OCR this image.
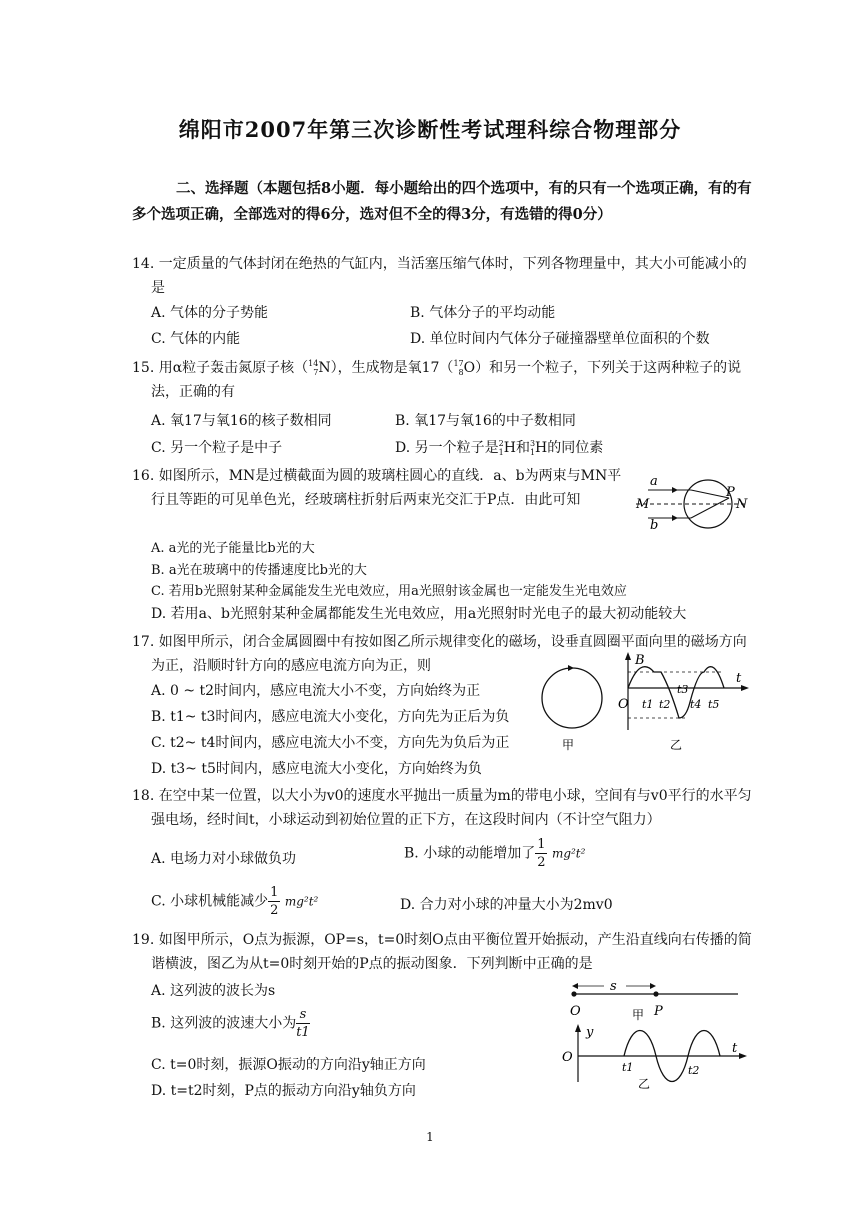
绵阳市2007年第三次诊断性考试理科综合物理部分
二、选择题（本题包括8小题．每小题给出的四个选项中，有的只有一个选项正确，有的有多个选项正确，全部选对的得6分，选对但不全的得3分，有选错的得0分）
14. 一定质量的气体封闭在绝热的气缸内，当活塞压缩气体时，下列各物理量中，其大小可能减小的是
A. 气体的分子势能	B. 气体分子的平均动能
C. 气体的内能	D. 单位时间内气体分子碰撞器壁单位面积的个数
15. 用α粒子轰击氮原子核（14
7N），生成物是氧17（17
8O）和另一个粒子，下列关于这两种粒子的说法，正确的有
A. 氧17与氧16的核子数相同	B. 氧17与氧16的中子数相同
C. 另一个粒子是中子	D. 另一个粒子是2
1H和3
1H的同位素
16. 如图所示，MN是过横截面为圆的玻璃柱圆心的直线．a、b为两束与MN平行且等距的可见单色光，经玻璃柱折射后两束光交汇于P点．由此可知
a
b
M	N
P
A. a光的光子能量比b光的大
B. a光在玻璃中的传播速度比b光的大
C. 若用b光照射某种金属能发生光电效应，用a光照射该金属也一定能发生光电效应
D. 若用a、b光照射某种金属都能发生光电效应，用a光照射时光电子的最大初动能较大
17. 如图甲所示，闭合金属圆圈中有按如图乙所示规律变化的磁场，设垂直圆圈平面向里的磁场方向为正，沿顺时针方向的感应电流方向为正，则
A. 0 ~ t2时间内，感应电流大小不变，方向始终为正
B. t1~ t3时间内，感应电流大小变化，方向先为正后为负
C. t2~ t4时间内，感应电流大小不变，方向先为负后为正
D. t3~ t5时间内，感应电流大小变化，方向始终为负
甲
B
O
t
t1 t2
t3
t4 t5
乙
18. 在空中某一位置，以大小为v0的速度水平抛出一质量为m的带电小球，空间有与v0平行的水平匀强电场，经时间t，小球运动到初始位置的正下方，在这段时间内（不计空气阻力）
A. 电场力对小球做负功	B. 小球的动能增加了 $\frac{1}{2} mg^2t^2$
C. 小球机械能减少 $\frac{1}{2} mg^2t^2$	D. 合力对小球的冲量大小为2mv0
19. 如图甲所示，O点为振源，OP=s，t=0时刻O点由平衡位置开始振动，产生沿直线向右传播的简谐横波，图乙为从t=0时刻开始的P点的振动图象．下列判断中正确的是
A. 这列波的波长为s
B. 这列波的波速大小为 $\frac{s}{t1}$
C. t=0时刻，振源O振动的方向沿y轴正方向
D. t=t2时刻，P点的振动方向沿y轴负方向
s
O	P
甲
y
O
t
t1	t2
乙
1
